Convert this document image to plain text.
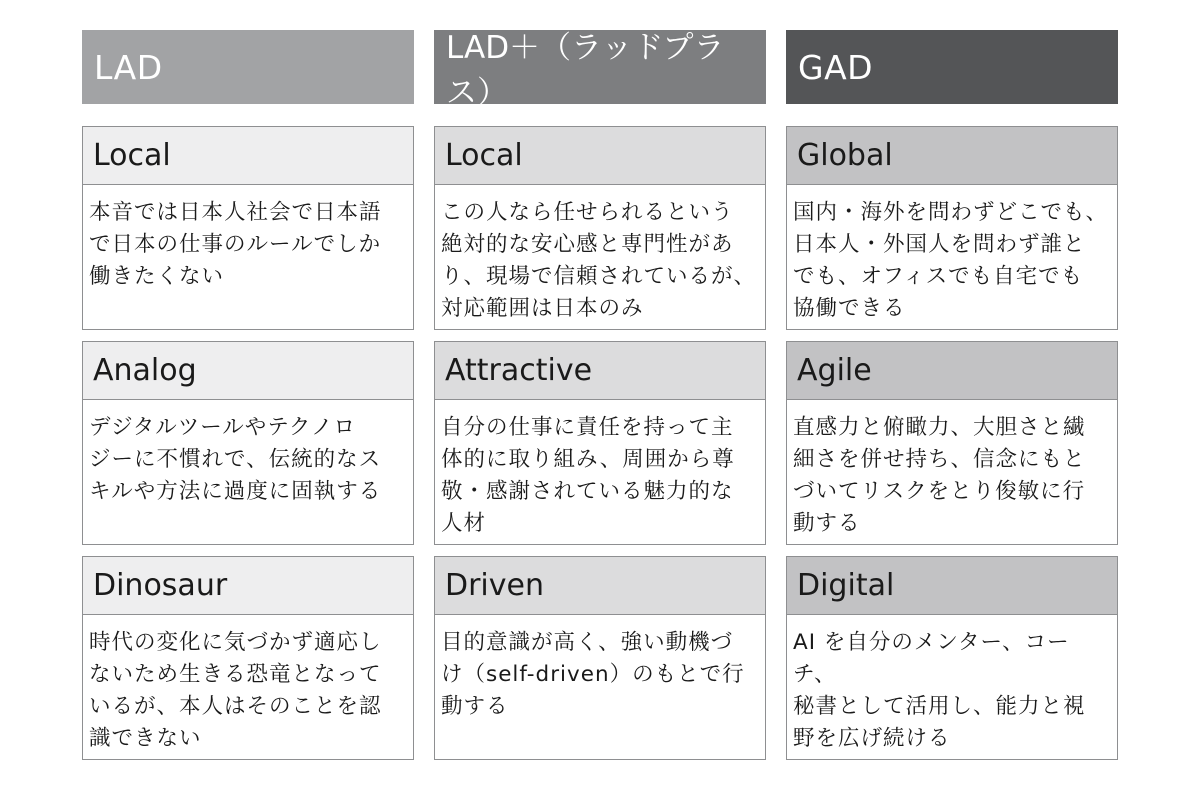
LAD
Local
本音では日本人社会で日本語
で日本の仕事のルールでしか
働きたくない
Analog
デジタルツールやテクノロ
ジーに不慣れで、伝統的なス
キルや方法に過度に固執する
Dinosaur
時代の変化に気づかず適応し
ないため生きる恐竜となって
いるが、本人はそのことを認
識できない
LAD＋（ラッドプラス）
Local
この人なら任せられるという
絶対的な安心感と専門性があ
り、現場で信頼されているが、
対応範囲は日本のみ
Attractive
自分の仕事に責任を持って主
体的に取り組み、周囲から尊
敬・感謝されている魅力的な
人材
Driven
目的意識が高く、強い動機づ
け（self-driven）のもとで行
動する
GAD
Global
国内・海外を問わずどこでも、
日本人・外国人を問わず誰と
でも、オフィスでも自宅でも
協働できる
Agile
直感力と俯瞰力、大胆さと繊
細さを併せ持ち、信念にもと
づいてリスクをとり俊敏に行
動する
Digital
AI を自分のメンター、コーチ、
秘書として活用し、能力と視
野を広げ続ける
